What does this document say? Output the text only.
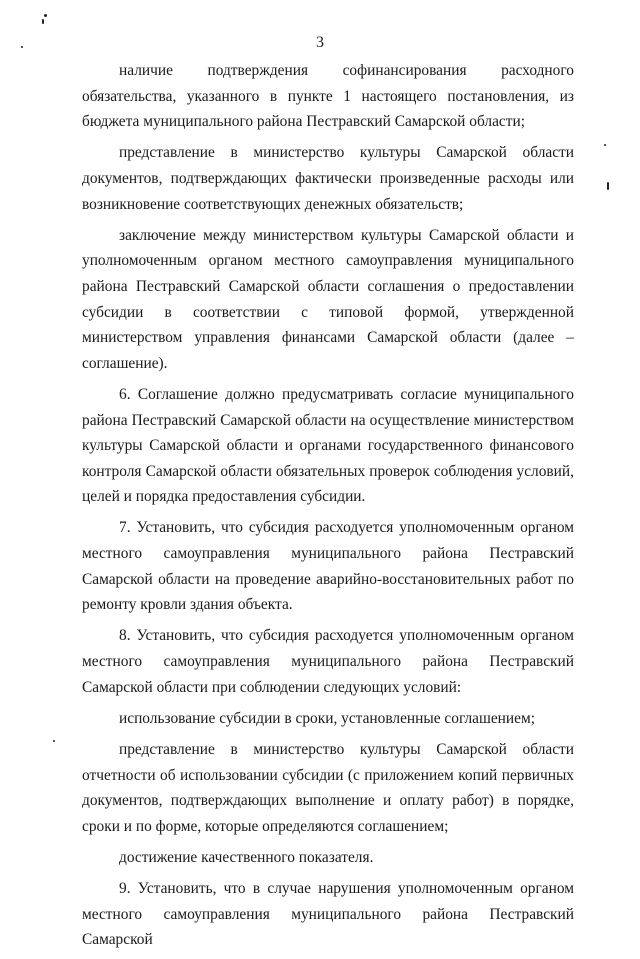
3

наличие подтверждения софинансирования расходного обязательства, указанного в пункте 1 настоящего постановления, из бюджета муниципального района Пестравский Самарской области;

представление в министерство культуры Самарской области документов, подтверждающих фактически произведенные расходы или возникновение соответствующих денежных обязательств;

заключение между министерством культуры Самарской области и уполномоченным органом местного самоуправления муниципального района Пестравский Самарской области соглашения о предоставлении субсидии в соответствии с типовой формой, утвержденной министерством управления финансами Самарской области (далее – соглашение).

6. Соглашение должно предусматривать согласие муниципального района Пестравский Самарской области на осуществление министерством культуры Самарской области и органами государственного финансового контроля Самарской области обязательных проверок соблюдения условий, целей и порядка предоставления субсидии.

7. Установить, что субсидия расходуется уполномоченным органом местного самоуправления муниципального района Пестравский Самарской области на проведение аварийно-восстановительных работ по ремонту кровли здания объекта.

8. Установить, что субсидия расходуется уполномоченным органом местного самоуправления муниципального района Пестравский Самарской области при соблюдении следующих условий:

использование субсидии в сроки, установленные соглашением;

представление в министерство культуры Самарской области отчетности об использовании субсидии (с приложением копий первичных документов, подтверждающих выполнение и оплату работ) в порядке, сроки и по форме, которые определяются соглашением;

достижение качественного показателя.

9. Установить, что в случае нарушения уполномоченным органом местного самоуправления муниципального района Пестравский Самарской
